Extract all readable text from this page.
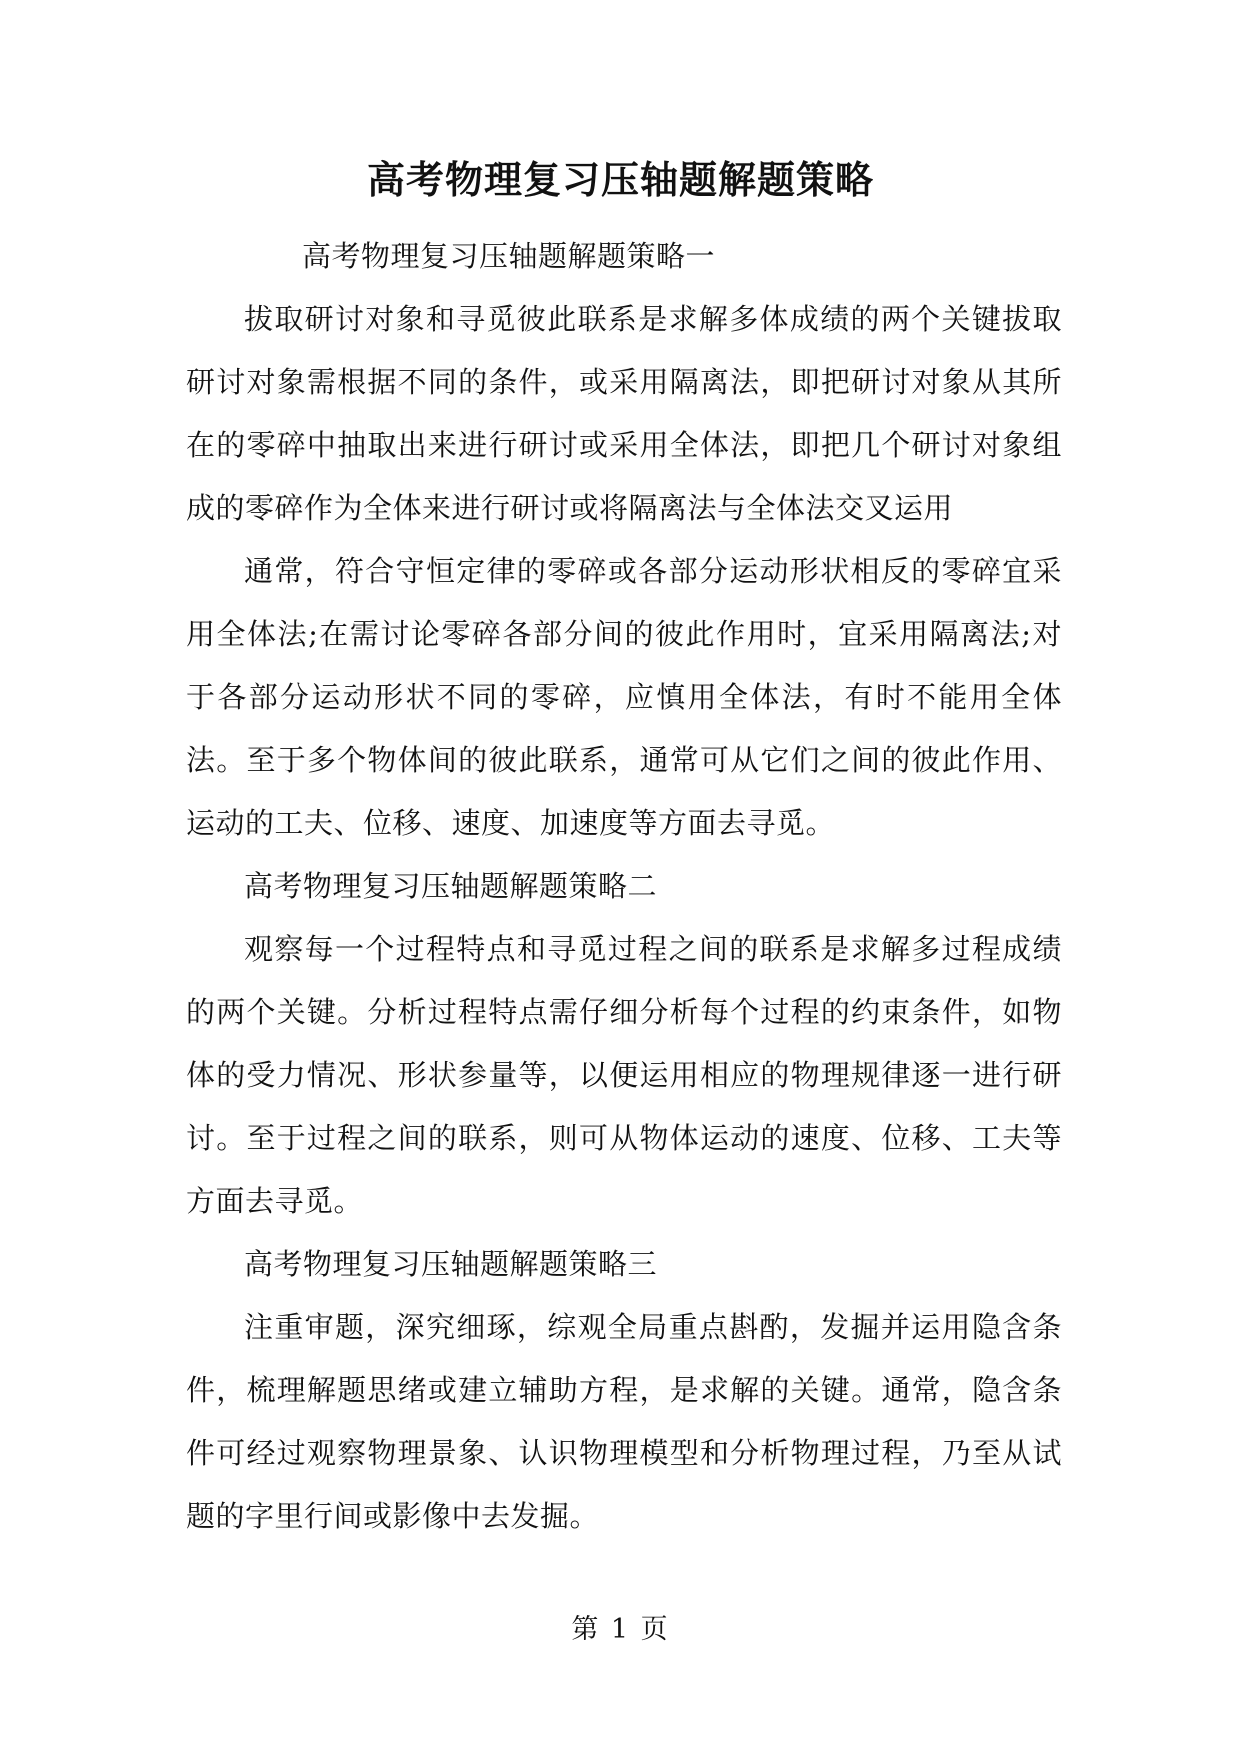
高考物理复习压轴题解题策略

高考物理复习压轴题解题策略一

拔取研讨对象和寻觅彼此联系是求解多体成绩的两个关键拔取研讨对象需根据不同的条件，或采用隔离法，即把研讨对象从其所在的零碎中抽取出来进行研讨或采用全体法，即把几个研讨对象组成的零碎作为全体来进行研讨或将隔离法与全体法交叉运用

通常，符合守恒定律的零碎或各部分运动形状相反的零碎宜采用全体法;在需讨论零碎各部分间的彼此作用时，宜采用隔离法;对于各部分运动形状不同的零碎，应慎用全体法，有时不能用全体法。至于多个物体间的彼此联系，通常可从它们之间的彼此作用、运动的工夫、位移、速度、加速度等方面去寻觅。

高考物理复习压轴题解题策略二

观察每一个过程特点和寻觅过程之间的联系是求解多过程成绩的两个关键。分析过程特点需仔细分析每个过程的约束条件，如物体的受力情况、形状参量等，以便运用相应的物理规律逐一进行研讨。至于过程之间的联系，则可从物体运动的速度、位移、工夫等方面去寻觅。

高考物理复习压轴题解题策略三

注重审题，深究细琢，综观全局重点斟酌，发掘并运用隐含条件，梳理解题思绪或建立辅助方程，是求解的关键。通常，隐含条件可经过观察物理景象、认识物理模型和分析物理过程，乃至从试题的字里行间或影像中去发掘。

第 1 页
